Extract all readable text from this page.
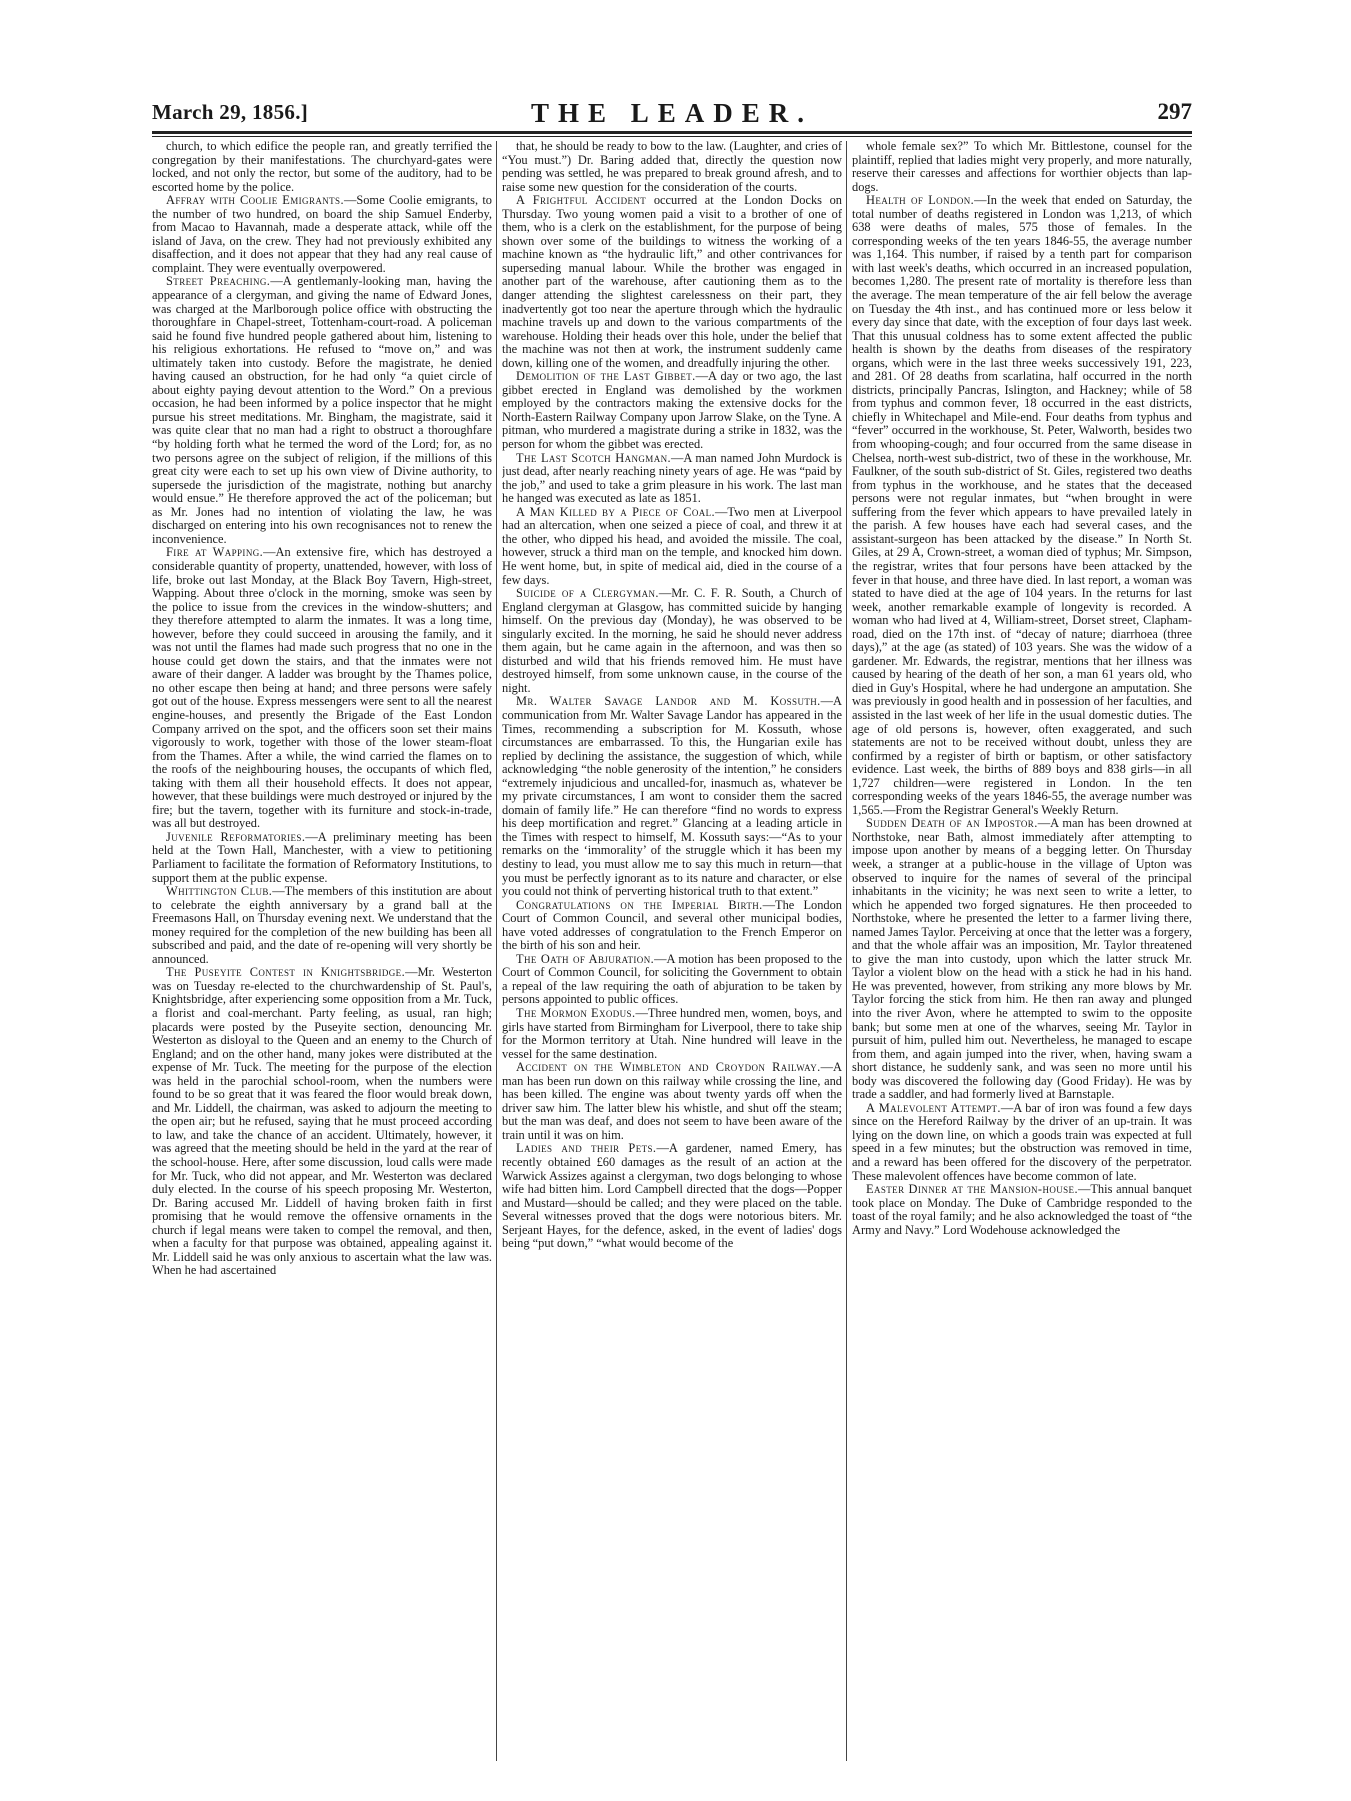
March 29, 1856.]	THE LEADER.	297

church, to which edifice the people ran, and greatly terrified the congregation by their manifestations. The churchyard-gates were locked, and not only the rector, but some of the auditory, had to be escorted home by the police.

Affray with Coolie Emigrants.—Some Coolie emigrants, to the number of two hundred, on board the ship Samuel Enderby, from Macao to Havannah, made a desperate attack, while off the island of Java, on the crew. They had not previously exhibited any disaffection, and it does not appear that they had any real cause of complaint. They were eventually overpowered.

Street Preaching.—A gentlemanly-looking man, having the appearance of a clergyman, and giving the name of Edward Jones, was charged at the Marlborough police office with obstructing the thoroughfare in Chapel-street, Tottenham-court-road. A policeman said he found five hundred people gathered about him, listening to his religious exhortations. He refused to “move on,” and was ultimately taken into custody. Before the magistrate, he denied having caused an obstruction, for he had only “a quiet circle of about eighty paying devout attention to the Word.” On a previous occasion, he had been informed by a police inspector that he might pursue his street meditations. Mr. Bingham, the magistrate, said it was quite clear that no man had a right to obstruct a thoroughfare “by holding forth what he termed the word of the Lord; for, as no two persons agree on the subject of religion, if the millions of this great city were each to set up his own view of Divine authority, to supersede the jurisdiction of the magistrate, nothing but anarchy would ensue.” He therefore approved the act of the policeman; but as Mr. Jones had no intention of violating the law, he was discharged on entering into his own recognisances not to renew the inconvenience.

Fire at Wapping.—An extensive fire, which has destroyed a considerable quantity of property, unattended, however, with loss of life, broke out last Monday, at the Black Boy Tavern, High-street, Wapping. About three o'clock in the morning, smoke was seen by the police to issue from the crevices in the window-shutters; and they therefore attempted to alarm the inmates. It was a long time, however, before they could succeed in arousing the family, and it was not until the flames had made such progress that no one in the house could get down the stairs, and that the inmates were not aware of their danger. A ladder was brought by the Thames police, no other escape then being at hand; and three persons were safely got out of the house. Express messengers were sent to all the nearest engine-houses, and presently the Brigade of the East London Company arrived on the spot, and the officers soon set their mains vigorously to work, together with those of the lower steam-float from the Thames. After a while, the wind carried the flames on to the roofs of the neighbouring houses, the occupants of which fled, taking with them all their household effects. It does not appear, however, that these buildings were much destroyed or injured by the fire; but the tavern, together with its furniture and stock-in-trade, was all but destroyed.

Juvenile Reformatories.—A preliminary meeting has been held at the Town Hall, Manchester, with a view to petitioning Parliament to facilitate the formation of Reformatory Institutions, to support them at the public expense.

Whittington Club.—The members of this institution are about to celebrate the eighth anniversary by a grand ball at the Freemasons Hall, on Thursday evening next. We understand that the money required for the completion of the new building has been all subscribed and paid, and the date of re-opening will very shortly be announced.

The Puseyite Contest in Knightsbridge.—Mr. Westerton was on Tuesday re-elected to the churchwardenship of St. Paul's, Knightsbridge, after experiencing some opposition from a Mr. Tuck, a florist and coal-merchant. Party feeling, as usual, ran high; placards were posted by the Puseyite section, denouncing Mr. Westerton as disloyal to the Queen and an enemy to the Church of England; and on the other hand, many jokes were distributed at the expense of Mr. Tuck. The meeting for the purpose of the election was held in the parochial school-room, when the numbers were found to be so great that it was feared the floor would break down, and Mr. Liddell, the chairman, was asked to adjourn the meeting to the open air; but he refused, saying that he must proceed according to law, and take the chance of an accident. Ultimately, however, it was agreed that the meeting should be held in the yard at the rear of the school-house. Here, after some discussion, loud calls were made for Mr. Tuck, who did not appear, and Mr. Westerton was declared duly elected. In the course of his speech proposing Mr. Westerton, Dr. Baring accused Mr. Liddell of having broken faith in first promising that he would remove the offensive ornaments in the church if legal means were taken to compel the removal, and then, when a faculty for that purpose was obtained, appealing against it. Mr. Liddell said he was only anxious to ascertain what the law was. When he had ascertained

that, he should be ready to bow to the law. (Laughter, and cries of “You must.”) Dr. Baring added that, directly the question now pending was settled, he was prepared to break ground afresh, and to raise some new question for the consideration of the courts.

A Frightful Accident occurred at the London Docks on Thursday. Two young women paid a visit to a brother of one of them, who is a clerk on the establishment, for the purpose of being shown over some of the buildings to witness the working of a machine known as “the hydraulic lift,” and other contrivances for superseding manual labour. While the brother was engaged in another part of the warehouse, after cautioning them as to the danger attending the slightest carelessness on their part, they inadvertently got too near the aperture through which the hydraulic machine travels up and down to the various compartments of the warehouse. Holding their heads over this hole, under the belief that the machine was not then at work, the instrument suddenly came down, killing one of the women, and dreadfully injuring the other.

Demolition of the Last Gibbet.—A day or two ago, the last gibbet erected in England was demolished by the workmen employed by the contractors making the extensive docks for the North-Eastern Railway Company upon Jarrow Slake, on the Tyne. A pitman, who murdered a magistrate during a strike in 1832, was the person for whom the gibbet was erected.

The Last Scotch Hangman.—A man named John Murdock is just dead, after nearly reaching ninety years of age. He was “paid by the job,” and used to take a grim pleasure in his work. The last man he hanged was executed as late as 1851.

A Man Killed by a Piece of Coal.—Two men at Liverpool had an altercation, when one seized a piece of coal, and threw it at the other, who dipped his head, and avoided the missile. The coal, however, struck a third man on the temple, and knocked him down. He went home, but, in spite of medical aid, died in the course of a few days.

Suicide of a Clergyman.—Mr. C. F. R. South, a Church of England clergyman at Glasgow, has committed suicide by hanging himself. On the previous day (Monday), he was observed to be singularly excited. In the morning, he said he should never address them again, but he came again in the afternoon, and was then so disturbed and wild that his friends removed him. He must have destroyed himself, from some unknown cause, in the course of the night.

Mr. Walter Savage Landor and M. Kossuth.—A communication from Mr. Walter Savage Landor has appeared in the Times, recommending a subscription for M. Kossuth, whose circumstances are embarrassed. To this, the Hungarian exile has replied by declining the assistance, the suggestion of which, while acknowledging “the noble generosity of the intention,” he considers “extremely injudicious and uncalled-for, inasmuch as, whatever be my private circumstances, I am wont to consider them the sacred domain of family life.” He can therefore “find no words to express his deep mortification and regret.” Glancing at a leading article in the Times with respect to himself, M. Kossuth says:—“As to your remarks on the ‘immorality’ of the struggle which it has been my destiny to lead, you must allow me to say this much in return—that you must be perfectly ignorant as to its nature and character, or else you could not think of perverting historical truth to that extent.”

Congratulations on the Imperial Birth.—The London Court of Common Council, and several other municipal bodies, have voted addresses of congratulation to the French Emperor on the birth of his son and heir.

The Oath of Abjuration.—A motion has been proposed to the Court of Common Council, for soliciting the Government to obtain a repeal of the law requiring the oath of abjuration to be taken by persons appointed to public offices.

The Mormon Exodus.—Three hundred men, women, boys, and girls have started from Birmingham for Liverpool, there to take ship for the Mormon territory at Utah. Nine hundred will leave in the vessel for the same destination.

Accident on the Wimbleton and Croydon Railway.—A man has been run down on this railway while crossing the line, and has been killed. The engine was about twenty yards off when the driver saw him. The latter blew his whistle, and shut off the steam; but the man was deaf, and does not seem to have been aware of the train until it was on him.

Ladies and their Pets.—A gardener, named Emery, has recently obtained £60 damages as the result of an action at the Warwick Assizes against a clergyman, two dogs belonging to whose wife had bitten him. Lord Campbell directed that the dogs—Popper and Mustard—should be called; and they were placed on the table. Several witnesses proved that the dogs were notorious biters. Mr. Serjeant Hayes, for the defence, asked, in the event of ladies' dogs being “put down,” “what would become of the

whole female sex?” To which Mr. Bittlestone, counsel for the plaintiff, replied that ladies might very properly, and more naturally, reserve their caresses and affections for worthier objects than lap-dogs.

Health of London.—In the week that ended on Saturday, the total number of deaths registered in London was 1,213, of which 638 were deaths of males, 575 those of females. In the corresponding weeks of the ten years 1846-55, the average number was 1,164. This number, if raised by a tenth part for comparison with last week's deaths, which occurred in an increased population, becomes 1,280. The present rate of mortality is therefore less than the average. The mean temperature of the air fell below the average on Tuesday the 4th inst., and has continued more or less below it every day since that date, with the exception of four days last week. That this unusual coldness has to some extent affected the public health is shown by the deaths from diseases of the respiratory organs, which were in the last three weeks successively 191, 223, and 281. Of 28 deaths from scarlatina, half occurred in the north districts, principally Pancras, Islington, and Hackney; while of 58 from typhus and common fever, 18 occurred in the east districts, chiefly in Whitechapel and Mile-end. Four deaths from typhus and “fever” occurred in the workhouse, St. Peter, Walworth, besides two from whooping-cough; and four occurred from the same disease in Chelsea, north-west sub-district, two of these in the workhouse, Mr. Faulkner, of the south sub-district of St. Giles, registered two deaths from typhus in the workhouse, and he states that the deceased persons were not regular inmates, but “when brought in were suffering from the fever which appears to have prevailed lately in the parish. A few houses have each had several cases, and the assistant-surgeon has been attacked by the disease.” In North St. Giles, at 29 A, Crown-street, a woman died of typhus; Mr. Simpson, the registrar, writes that four persons have been attacked by the fever in that house, and three have died. In last report, a woman was stated to have died at the age of 104 years. In the returns for last week, another remarkable example of longevity is recorded. A woman who had lived at 4, William-street, Dorset street, Clapham-road, died on the 17th inst. of “decay of nature; diarrhoea (three days),” at the age (as stated) of 103 years. She was the widow of a gardener. Mr. Edwards, the registrar, mentions that her illness was caused by hearing of the death of her son, a man 61 years old, who died in Guy's Hospital, where he had undergone an amputation. She was previously in good health and in possession of her faculties, and assisted in the last week of her life in the usual domestic duties. The age of old persons is, however, often exaggerated, and such statements are not to be received without doubt, unless they are confirmed by a register of birth or baptism, or other satisfactory evidence. Last week, the births of 889 boys and 838 girls—in all 1,727 children—were registered in London. In the ten corresponding weeks of the years 1846-55, the average number was 1,565.—From the Registrar General's Weekly Return.

Sudden Death of an Impostor.—A man has been drowned at Northstoke, near Bath, almost immediately after attempting to impose upon another by means of a begging letter. On Thursday week, a stranger at a public-house in the village of Upton was observed to inquire for the names of several of the principal inhabitants in the vicinity; he was next seen to write a letter, to which he appended two forged signatures. He then proceeded to Northstoke, where he presented the letter to a farmer living there, named James Taylor. Perceiving at once that the letter was a forgery, and that the whole affair was an imposition, Mr. Taylor threatened to give the man into custody, upon which the latter struck Mr. Taylor a violent blow on the head with a stick he had in his hand. He was prevented, however, from striking any more blows by Mr. Taylor forcing the stick from him. He then ran away and plunged into the river Avon, where he attempted to swim to the opposite bank; but some men at one of the wharves, seeing Mr. Taylor in pursuit of him, pulled him out. Nevertheless, he managed to escape from them, and again jumped into the river, when, having swam a short distance, he suddenly sank, and was seen no more until his body was discovered the following day (Good Friday). He was by trade a saddler, and had formerly lived at Barnstaple.

A Malevolent Attempt.—A bar of iron was found a few days since on the Hereford Railway by the driver of an up-train. It was lying on the down line, on which a goods train was expected at full speed in a few minutes; but the obstruction was removed in time, and a reward has been offered for the discovery of the perpetrator. These malevolent offences have become common of late.

Easter Dinner at the Mansion-house.—This annual banquet took place on Monday. The Duke of Cambridge responded to the toast of the royal family; and he also acknowledged the toast of “the Army and Navy.” Lord Wodehouse acknowledged the
